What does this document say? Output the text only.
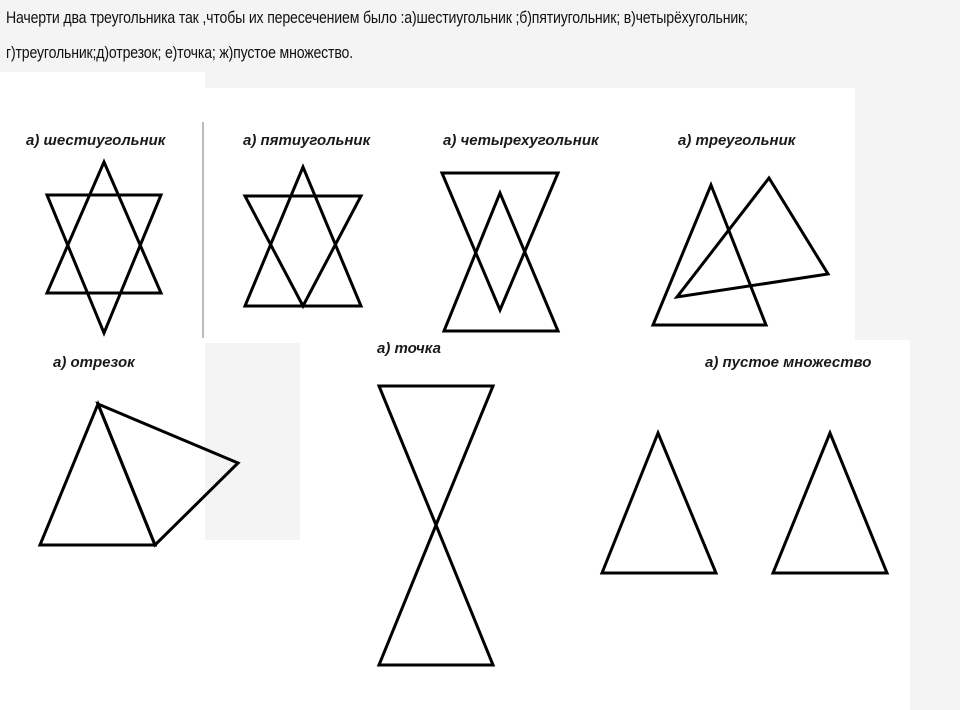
Начерти два треугольника так ,чтобы их пересечением было :а)шестиугольник ;б)пятиугольник; в)четырёхугольник;
г)треугольник;д)отрезок; е)точка; ж)пустое множество.
а) шестиугольник	а) пятиугольник	а) четырехугольник	а) треугольник
а) отрезок
а) точка
а) пустое множество
